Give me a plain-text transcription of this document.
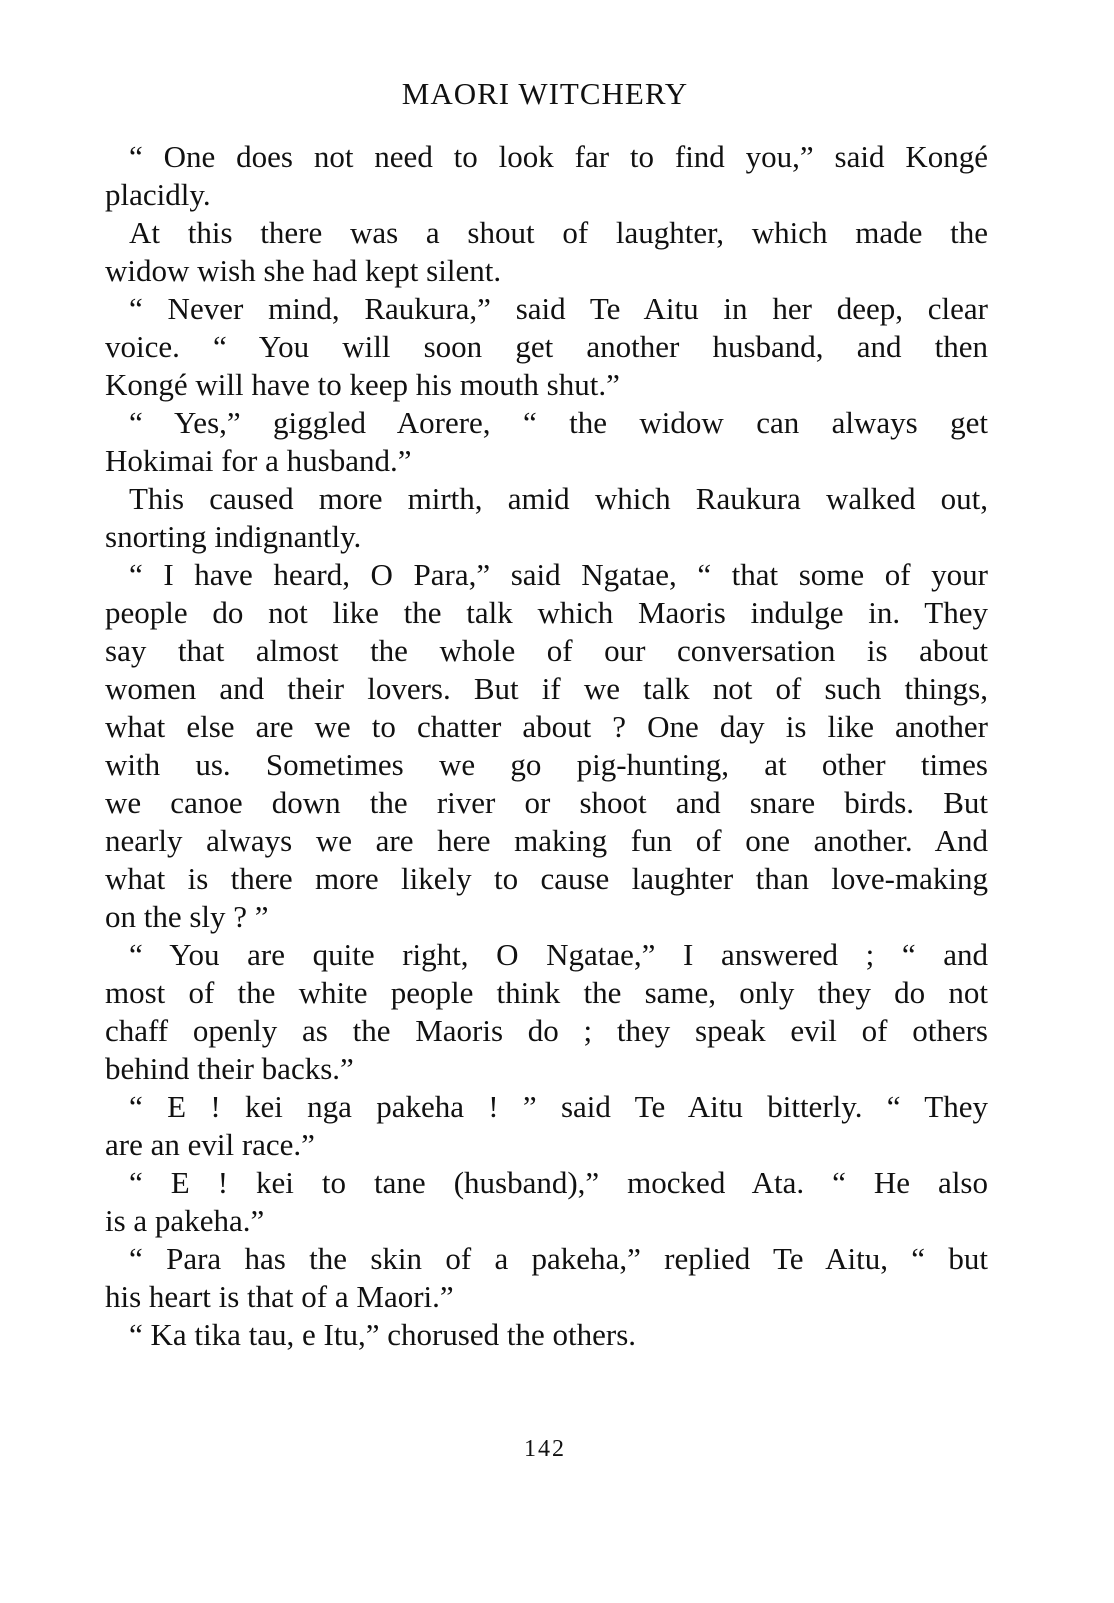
MAORI WITCHERY
“ One does not need to look far to find you,” said Kongé
placidly.
At this there was a shout of laughter, which made the
widow wish she had kept silent.
“ Never mind, Raukura,” said Te Aitu in her deep, clear
voice. “ You will soon get another husband, and then
Kongé will have to keep his mouth shut.”
“ Yes,” giggled Aorere, “ the widow can always get
Hokimai for a husband.”
This caused more mirth, amid which Raukura walked out,
snorting indignantly.
“ I have heard, O Para,” said Ngatae, “ that some of your
people do not like the talk which Maoris indulge in. They
say that almost the whole of our conversation is about
women and their lovers. But if we talk not of such things,
what else are we to chatter about ? One day is like another
with us. Sometimes we go pig-hunting, at other times
we canoe down the river or shoot and snare birds. But
nearly always we are here making fun of one another. And
what is there more likely to cause laughter than love-making
on the sly ? ”
“ You are quite right, O Ngatae,” I answered ; “ and
most of the white people think the same, only they do not
chaff openly as the Maoris do ; they speak evil of others
behind their backs.”
“ E ! kei nga pakeha ! ” said Te Aitu bitterly. “ They
are an evil race.”
“ E ! kei to tane (husband),” mocked Ata. “ He also
is a pakeha.”
“ Para has the skin of a pakeha,” replied Te Aitu, “ but
his heart is that of a Maori.”
“ Ka tika tau, e Itu,” chorused the others.
142
